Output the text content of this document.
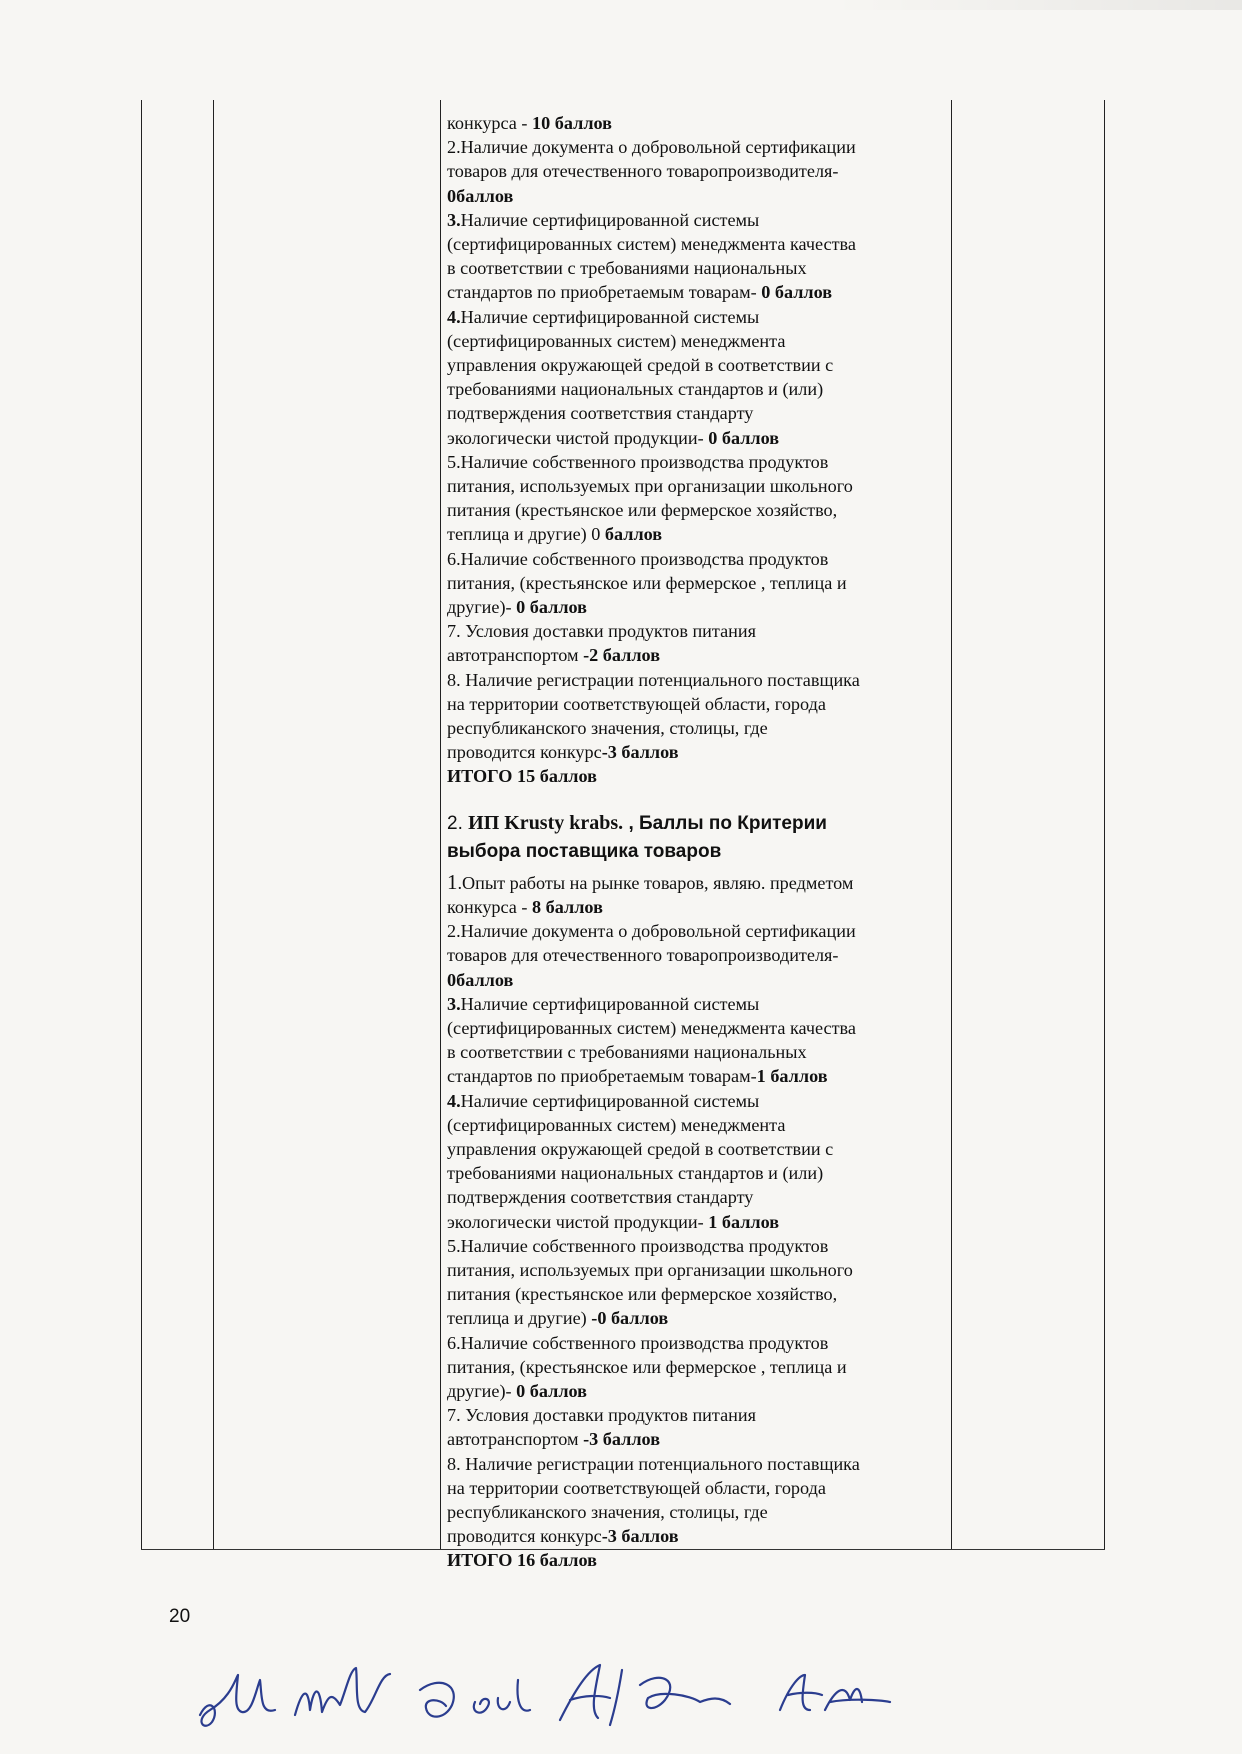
конкурса - 10 баллов
2.Наличие документа о добровольной сертификации
товаров для отечественного товаропроизводителя-
0баллов
3.Наличие сертифицированной системы
(сертифицированных систем) менеджмента качества
в соответствии с требованиями национальных
стандартов по приобретаемым товарам- 0 баллов
4.Наличие сертифицированной системы
(сертифицированных систем) менеджмента
управления окружающей средой в соответствии с
требованиями национальных стандартов и (или)
подтверждения соответствия стандарту
экологически чистой продукции- 0 баллов
5.Наличие собственного производства продуктов
питания, используемых при организации школьного
питания (крестьянское или фермерское хозяйство,
теплица и другие) 0 баллов
6.Наличие собственного производства продуктов
питания, (крестьянское или фермерское , теплица и
другие)- 0 баллов
7. Условия доставки продуктов питания
автотранспортом -2 баллов
8. Наличие регистрации потенциального поставщика
на территории соответствующей области, города
республиканского значения, столицы, где
проводится конкурс-3 баллов
ИТОГО 15 баллов
2. ИП Krusty krabs. , Баллы по Критерии
выбора поставщика товаров
1.Опыт работы на рынке товаров, являю. предметом
конкурса - 8 баллов
2.Наличие документа о добровольной сертификации
товаров для отечественного товаропроизводителя-
0баллов
3.Наличие сертифицированной системы
(сертифицированных систем) менеджмента качества
в соответствии с требованиями национальных
стандартов по приобретаемым товарам-1 баллов
4.Наличие сертифицированной системы
(сертифицированных систем) менеджмента
управления окружающей средой в соответствии с
требованиями национальных стандартов и (или)
подтверждения соответствия стандарту
экологически чистой продукции- 1 баллов
5.Наличие собственного производства продуктов
питания, используемых при организации школьного
питания (крестьянское или фермерское хозяйство,
теплица и другие) -0 баллов
6.Наличие собственного производства продуктов
питания, (крестьянское или фермерское , теплица и
другие)- 0 баллов
7. Условия доставки продуктов питания
автотранспортом -3 баллов
8. Наличие регистрации потенциального поставщика
на территории соответствующей области, города
республиканского значения, столицы, где
проводится конкурс-3 баллов
ИТОГО 16 баллов
20
